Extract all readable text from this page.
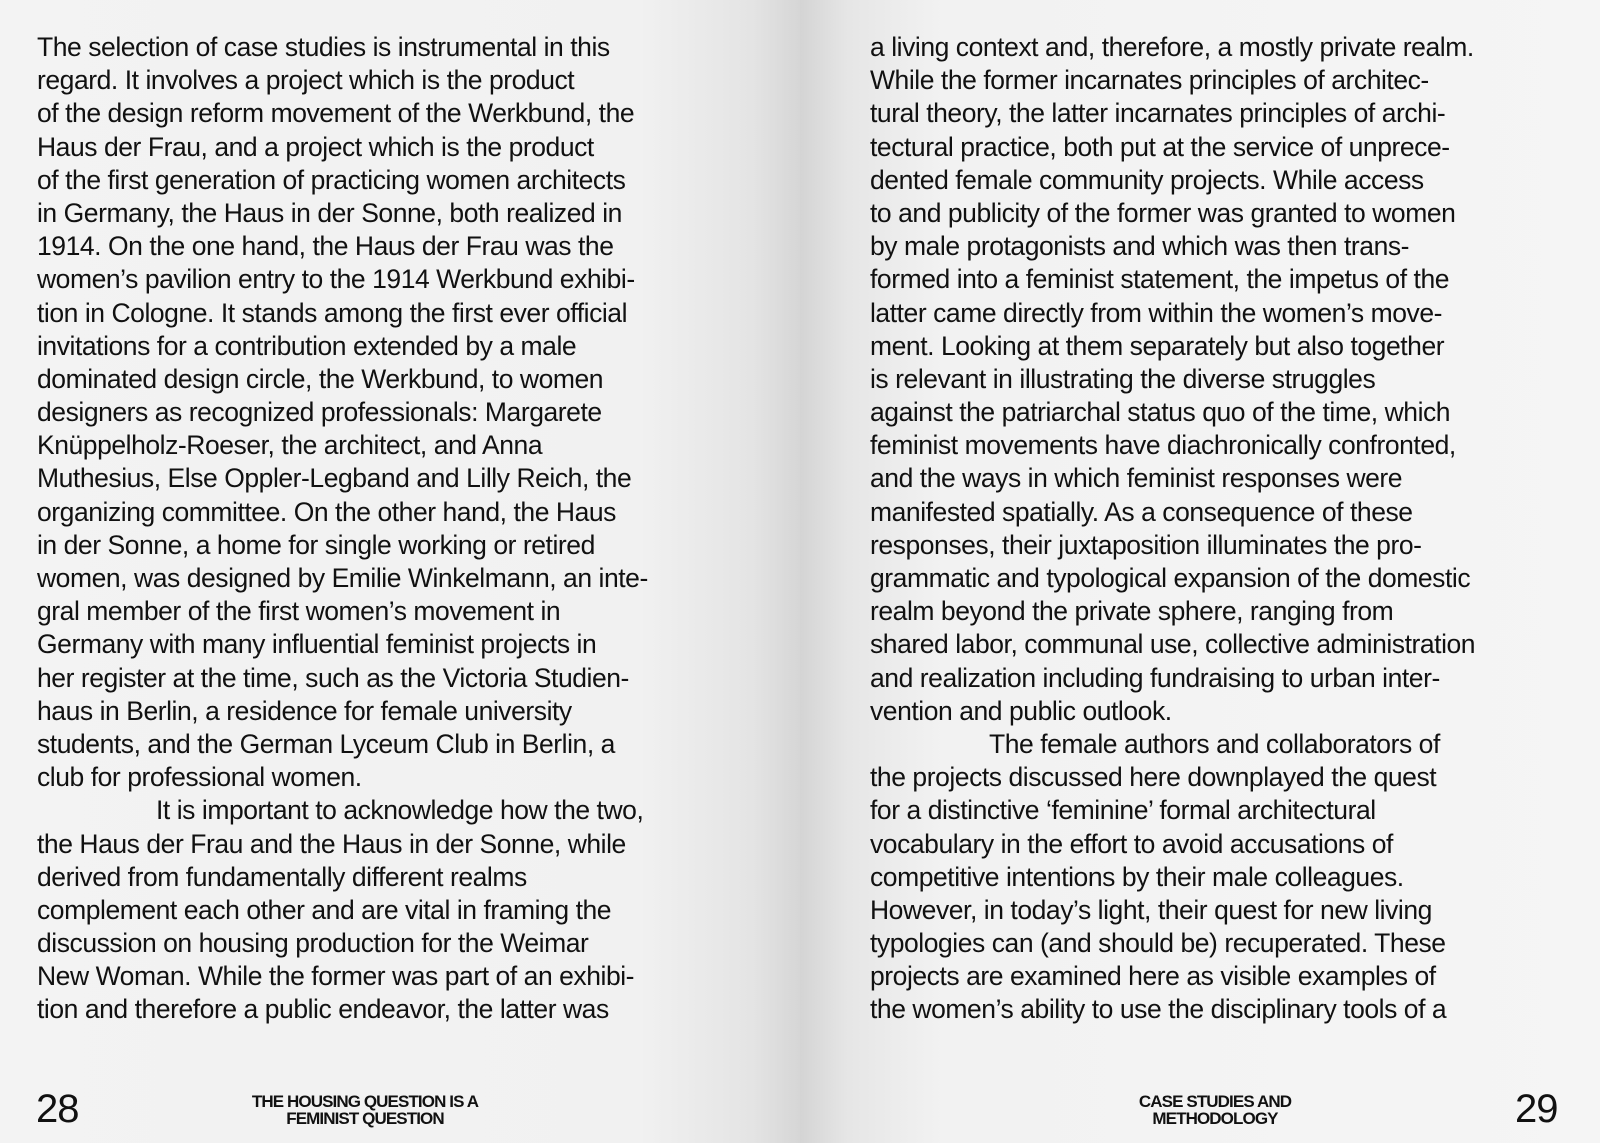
The selection of case studies is instrumental in this
regard. It involves a project which is the product
of the design reform movement of the Werkbund, the
Haus der Frau, and a project which is the product
of the first generation of practicing women architects
in Germany, the Haus in der Sonne, both realized in
1914. On the one hand, the Haus der Frau was the
women’s pavilion entry to the 1914 Werkbund exhibi-
tion in Cologne. It stands among the first ever official
invitations for a contribution extended by a male
dominated design circle, the Werkbund, to women
designers as recognized professionals: Margarete
Knüppelholz-Roeser, the architect, and Anna
Muthesius, Else Oppler-Legband and Lilly Reich, the
organizing committee. On the other hand, the Haus
in der Sonne, a home for single working or retired
women, was designed by Emilie Winkelmann, an inte-
gral member of the first women’s movement in
Germany with many influential feminist projects in
her register at the time, such as the Victoria Studien-
haus in Berlin, a residence for female university
students, and the German Lyceum Club in Berlin, a
club for professional women.
It is important to acknowledge how the two,
the Haus der Frau and the Haus in der Sonne, while
derived from fundamentally different realms
complement each other and are vital in framing the
discussion on housing production for the Weimar
New Woman. While the former was part of an exhibi-
tion and therefore a public endeavor, the latter was
28	THE HOUSING QUESTION IS A
FEMINIST QUESTION
a living context and, therefore, a mostly private realm.
While the former incarnates principles of architec-
tural theory, the latter incarnates principles of archi-
tectural practice, both put at the service of unprece-
dented female community projects. While access
to and publicity of the former was granted to women
by male protagonists and which was then trans-
formed into a feminist statement, the impetus of the
latter came directly from within the women’s move-
ment. Looking at them separately but also together
is relevant in illustrating the diverse struggles
against the patriarchal status quo of the time, which
feminist movements have diachronically confronted,
and the ways in which feminist responses were
manifested spatially. As a consequence of these
responses, their juxtaposition illuminates the pro-
grammatic and typological expansion of the domestic
realm beyond the private sphere, ranging from
shared labor, communal use, collective administration
and realization including fundraising to urban inter-
vention and public outlook.
The female authors and collaborators of
the projects discussed here downplayed the quest
for a distinctive ‘feminine’ formal architectural
vocabulary in the effort to avoid accusations of
competitive intentions by their male colleagues.
However, in today’s light, their quest for new living
typologies can (and should be) recuperated. These
projects are examined here as visible examples of
the women’s ability to use the disciplinary tools of a
CASE STUDIES AND
METHODOLOGY	29
